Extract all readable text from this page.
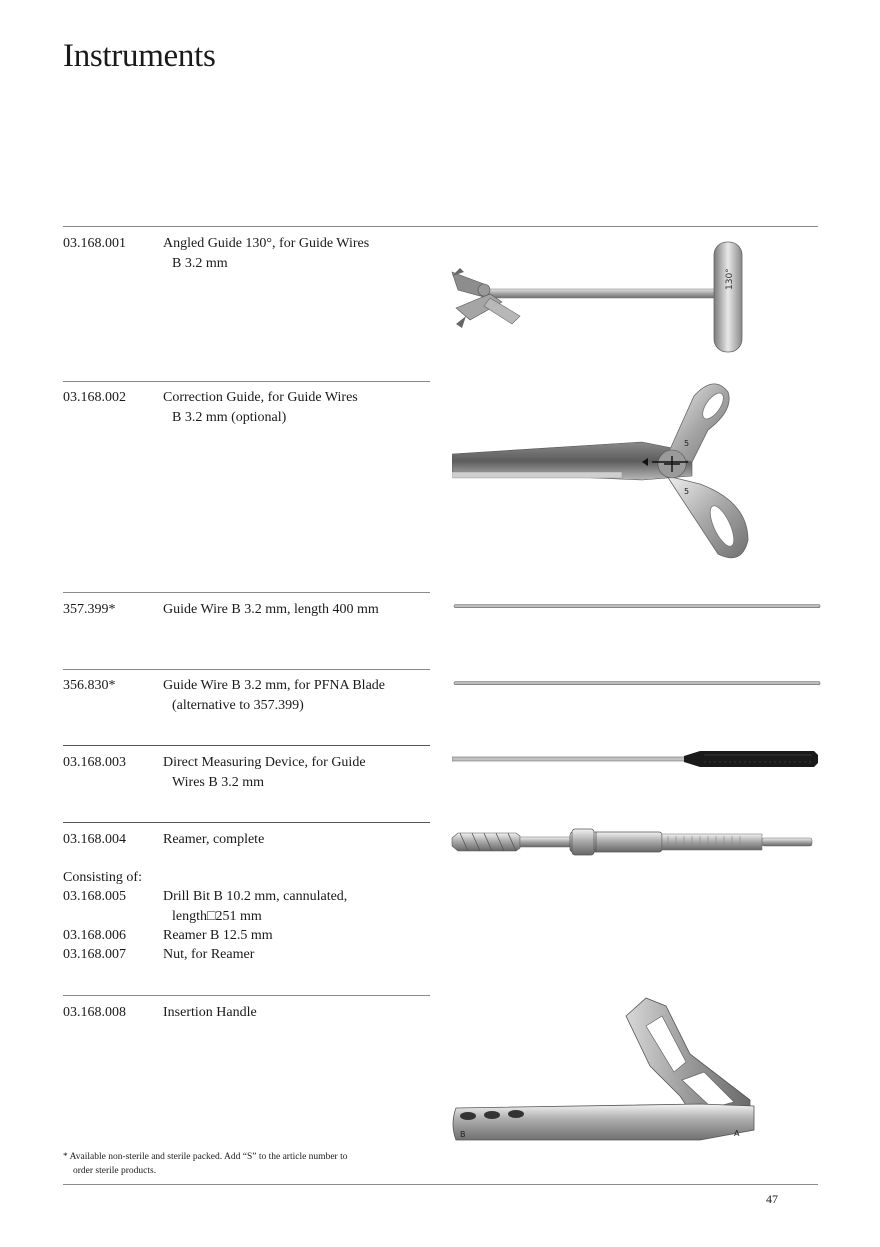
Instruments
03.168.001	Angled Guide 130°, for Guide Wires
B 3.2 mm
03.168.002	Correction Guide, for Guide Wires
B 3.2 mm (optional)
357.399*	Guide Wire B 3.2 mm, length 400 mm
356.830*	Guide Wire B 3.2 mm, for PFNA Blade
(alternative to 357.399)
03.168.003	Direct Measuring Device, for Guide
Wires B 3.2 mm
03.168.004	Reamer, complete
Consisting of:
03.168.005	Drill Bit B 10.2 mm, cannulated,
length□251 mm
03.168.006	Reamer B 12.5 mm
03.168.007	Nut, for Reamer
03.168.008	Insertion Handle
* Available non-sterile and sterile packed. Add “S” to the article number to
order sterile products.
47
130°
5
5
B	A
